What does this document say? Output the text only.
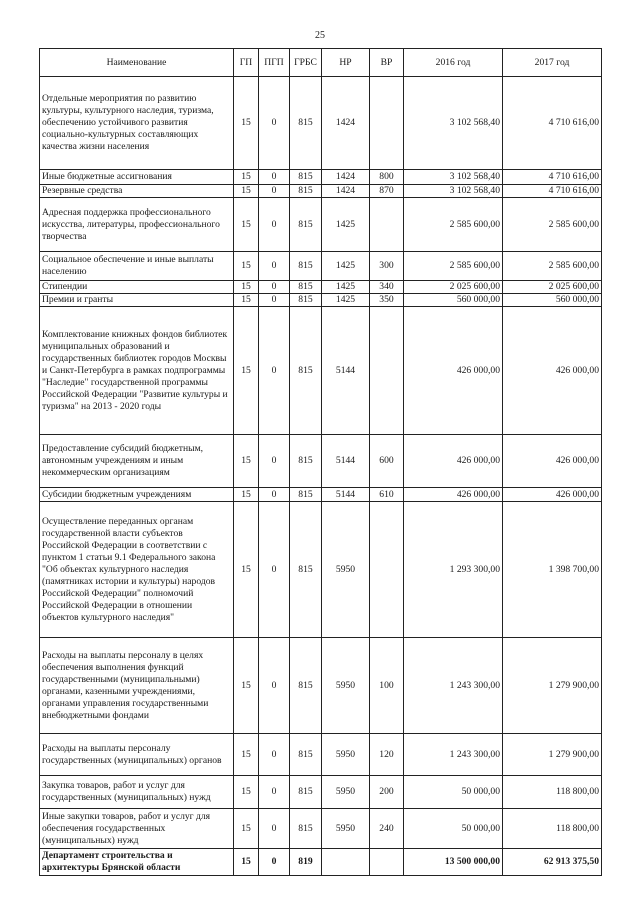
25
Наименование	ГП	ПГП	ГРБС	НР	ВР	2016 год	2017 год
Отдельные мероприятия по развитию культуры, культурного наследия, туризма, обеспечению устойчивого развития социально-культурных составляющих качества жизни населения	15	0	815	1424		3 102 568,40	4 710 616,00
Иные бюджетные ассигнования	15	0	815	1424	800	3 102 568,40	4 710 616,00
Резервные средства	15	0	815	1424	870	3 102 568,40	4 710 616,00
Адресная поддержка профессионального искусства, литературы, профессионального творчества	15	0	815	1425		2 585 600,00	2 585 600,00
Социальное обеспечение и иные выплаты населению	15	0	815	1425	300	2 585 600,00	2 585 600,00
Стипендии	15	0	815	1425	340	2 025 600,00	2 025 600,00
Премии и гранты	15	0	815	1425	350	560 000,00	560 000,00
Комплектование книжных фондов библиотек муниципальных образований и государственных библиотек городов Москвы и Санкт-Петербурга в рамках подпрограммы "Наследие" государственной программы Российской Федерации "Развитие культуры и туризма" на 2013 - 2020 годы	15	0	815	5144		426 000,00	426 000,00
Предоставление субсидий бюджетным, автономным учреждениям и иным некоммерческим организациям	15	0	815	5144	600	426 000,00	426 000,00
Субсидии бюджетным учреждениям	15	0	815	5144	610	426 000,00	426 000,00
Осуществление переданных органам государственной власти субъектов Российской Федерации в соответствии с пунктом 1 статьи 9.1 Федерального закона "Об объектах культурного наследия (памятниках истории и культуры) народов Российской Федерации" полномочий Российской Федерации в отношении объектов культурного наследия"	15	0	815	5950		1 293 300,00	1 398 700,00
Расходы на выплаты персоналу в целях обеспечения выполнения функций государственными (муниципальными) органами, казенными учреждениями, органами управления государственными внебюджетными фондами	15	0	815	5950	100	1 243 300,00	1 279 900,00
Расходы на выплаты персоналу государственных (муниципальных) органов	15	0	815	5950	120	1 243 300,00	1 279 900,00
Закупка товаров, работ и услуг для государственных (муниципальных) нужд	15	0	815	5950	200	50 000,00	118 800,00
Иные закупки товаров, работ и услуг для обеспечения государственных (муниципальных) нужд	15	0	815	5950	240	50 000,00	118 800,00
Департамент строительства и архитектуры Брянской области	15	0	819			13 500 000,00	62 913 375,50
